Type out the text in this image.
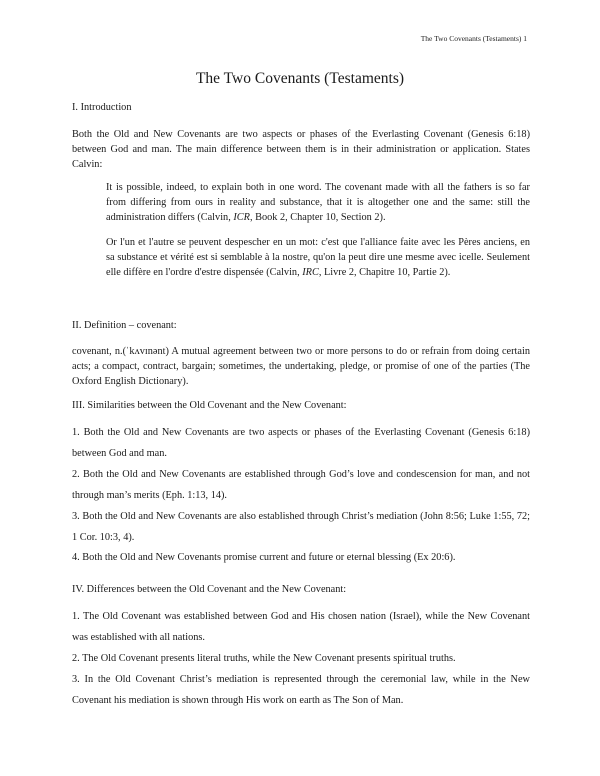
The Two Covenants (Testaments) 1
The Two Covenants (Testaments)
I. Introduction
Both the Old and New Covenants are two aspects or phases of the Everlasting Covenant (Genesis 6:18) between God and man. The main difference between them is in their administration or application. States Calvin:
It is possible, indeed, to explain both in one word. The covenant made with all the fathers is so far from differing from ours in reality and substance, that it is altogether one and the same: still the administration differs (Calvin, ICR, Book 2, Chapter 10, Section 2).
Or l'un et l'autre se peuvent despescher en un mot: c'est que l'alliance faite avec les Pères anciens, en sa substance et vérité est si semblable à la nostre, qu'on la peut dire une mesme avec icelle. Seulement elle diffère en l'ordre d'estre dispensée (Calvin, IRC, Livre 2, Chapitre 10, Partie 2).
II. Definition – covenant:
covenant, n.(ˈkʌvɪnənt) A mutual agreement between two or more persons to do or refrain from doing certain acts; a compact, contract, bargain; sometimes, the undertaking, pledge, or promise of one of the parties (The Oxford English Dictionary).
III. Similarities between the Old Covenant and the New Covenant:
1. Both the Old and New Covenants are two aspects or phases of the Everlasting Covenant (Genesis 6:18) between God and man.
2. Both the Old and New Covenants are established through God’s love and condescension for man, and not through man’s merits (Eph. 1:13, 14).
3. Both the Old and New Covenants are also established through Christ’s mediation (John 8:56; Luke 1:55, 72; 1 Cor. 10:3, 4).
4. Both the Old and New Covenants promise current and future or eternal blessing (Ex 20:6).
IV. Differences between the Old Covenant and the New Covenant:
1. The Old Covenant was established between God and His chosen nation (Israel), while the New Covenant was established with all nations.
2. The Old Covenant presents literal truths, while the New Covenant presents spiritual truths.
3. In the Old Covenant Christ’s mediation is represented through the ceremonial law, while in the New Covenant his mediation is shown through His work on earth as The Son of Man.
